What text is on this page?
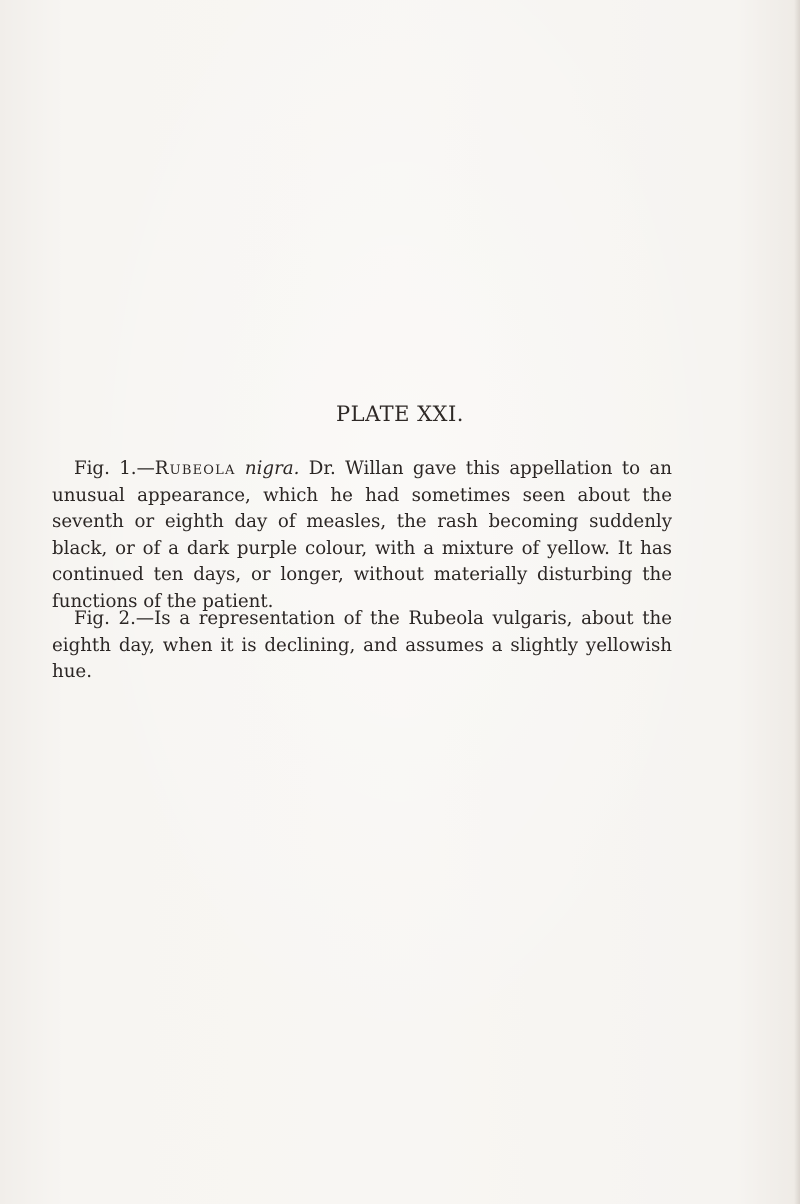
PLATE XXI.
Fig. 1.—Rubeola nigra. Dr. Willan gave this appellation to an unusual appearance, which he had sometimes seen about the seventh or eighth day of measles, the rash becoming suddenly black, or of a dark purple colour, with a mixture of yellow. It has continued ten days, or longer, without materially disturbing the functions of the patient.
Fig. 2.—Is a representation of the Rubeola vulgaris, about the eighth day, when it is declining, and assumes a slightly yellowish hue.
